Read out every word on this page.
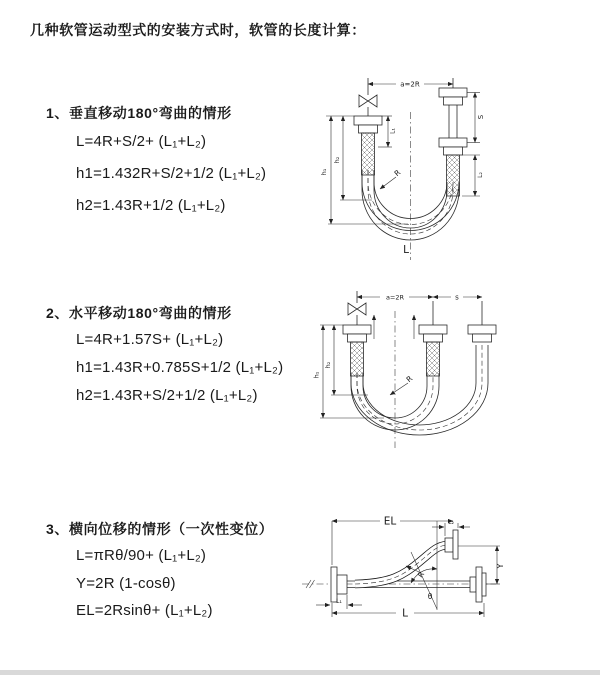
几种软管运动型式的安装方式时，软管的长度计算：
1、垂直移动180°弯曲的情形
L=4R+S/2+ (L₁+L₂)
h1=1.432R+S/2+1/2 (L₁+L₂)
h2=1.43R+1/2 (L₁+L₂)
2、水平移动180°弯曲的情形
L=4R+1.57S+ (L₁+L₂)
h1=1.43R+0.785S+1/2 (L₁+L₂)
h2=1.43R+S/2+1/2 (L₁+L₂)
3、横向位移的情形（一次性变位）
L=πRθ/90+ (L₁+L₂)
Y=2R (1-cosθ)
EL=2Rsinθ+ (L₁+L₂)
a=2R
S
L₂
L₁
h₁
h₂
R
L
a=2R	s
h₁
h₂
R
θ
R
EL	L₂
Y
L
L₁
